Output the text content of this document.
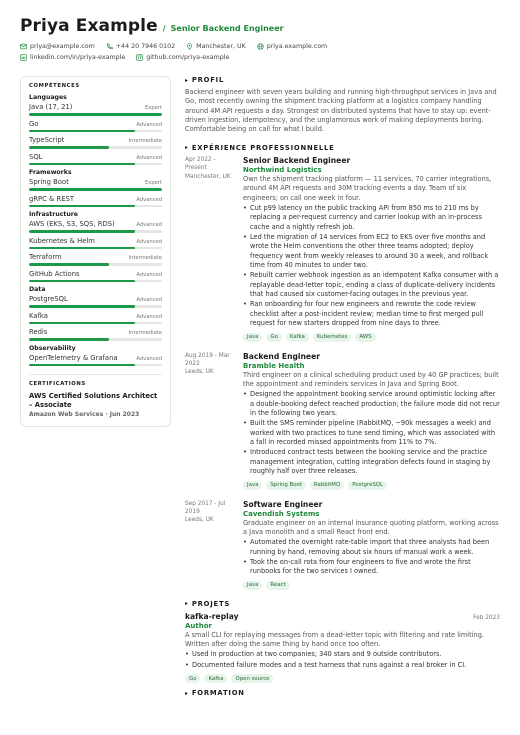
Priya Example / Senior Backend Engineer
priya@example.com	+44 20 7946 0102	Manchester, UK	priya.example.com
linkedin.com/in/priya-example	github.com/priya-example
COMPÉTENCES
Languages
Java (17, 21)	Expert
Go	Advanced
TypeScript	Intermediate
SQL	Advanced
Frameworks
Spring Boot	Expert
gRPC & REST	Advanced
Infrastructure
AWS (EKS, S3, SQS, RDS)	Advanced
Kubernetes & Helm	Advanced
Terraform	Intermediate
GitHub Actions	Advanced
Data
PostgreSQL	Advanced
Kafka	Advanced
Redis	Intermediate
Observability
OpenTelemetry & Grafana	Advanced
CERTIFICATIONS
AWS Certified Solutions Architect – Associate
Amazon Web Services · Jun 2023
▸ PROFIL

Backend engineer with seven years building and running high-throughput services in Java and Go, most recently owning the shipment tracking platform at a logistics company handling around 4M API requests a day. Strongest on distributed systems that have to stay up: event-driven ingestion, idempotency, and the unglamorous work of making deployments boring. Comfortable being on call for what I build.

▸ EXPÉRIENCE PROFESSIONNELLE
Apr 2022 - Present
Manchester, UK
Senior Backend Engineer
Northwind Logistics
Own the shipment tracking platform — 11 services, 70 carrier integrations, around 4M API requests and 30M tracking events a day. Team of six engineers; on call one week in four.
• Cut p99 latency on the public tracking API from 850 ms to 210 ms by replacing a per-request currency and carrier lookup with an in-process cache and a nightly refresh job.
• Led the migration of 14 services from EC2 to EKS over five months and wrote the Helm conventions the other three teams adopted; deploy frequency went from weekly releases to around 30 a week, and rollback time from 40 minutes to under two.
• Rebuilt carrier webhook ingestion as an idempotent Kafka consumer with a replayable dead-letter topic, ending a class of duplicate-delivery incidents that had caused six customer-facing outages in the previous year.
• Ran onboarding for four new engineers and rewrote the code review checklist after a post-incident review; median time to first merged pull request for new starters dropped from nine days to three.
Java	Go	Kafka	Kubernetes	AWS
Aug 2019 - Mar 2022
Leeds, UK
Backend Engineer
Bramble Health
Third engineer on a clinical scheduling product used by 40 GP practices; built the appointment and reminders services in Java and Spring Boot.
• Designed the appointment booking service around optimistic locking after a double-booking defect reached production; the failure mode did not recur in the following two years.
• Built the SMS reminder pipeline (RabbitMQ, ~90k messages a week) and worked with two practices to tune send timing, which was associated with a fall in recorded missed appointments from 11% to 7%.
• Introduced contract tests between the booking service and the practice management integration, cutting integration defects found in staging by roughly half over three releases.
Java	Spring Boot	RabbitMQ	PostgreSQL
Sep 2017 - Jul 2019
Leeds, UK
Software Engineer
Cavendish Systems
Graduate engineer on an internal insurance quoting platform, working across a Java monolith and a small React front end.
• Automated the overnight rate-table import that three analysts had been running by hand, removing about six hours of manual work a week.
• Took the on-call rota from four engineers to five and wrote the first runbooks for the two services I owned.
Java	React
▸ PROJETS
kafka-replay	Feb 2023
Author
A small CLI for replaying messages from a dead-letter topic with filtering and rate limiting. Written after doing the same thing by hand once too often.
• Used in production at two companies; 340 stars and 9 outside contributors.
• Documented failure modes and a test harness that runs against a real broker in CI.
Go	Kafka	Open source
▸ FORMATION
